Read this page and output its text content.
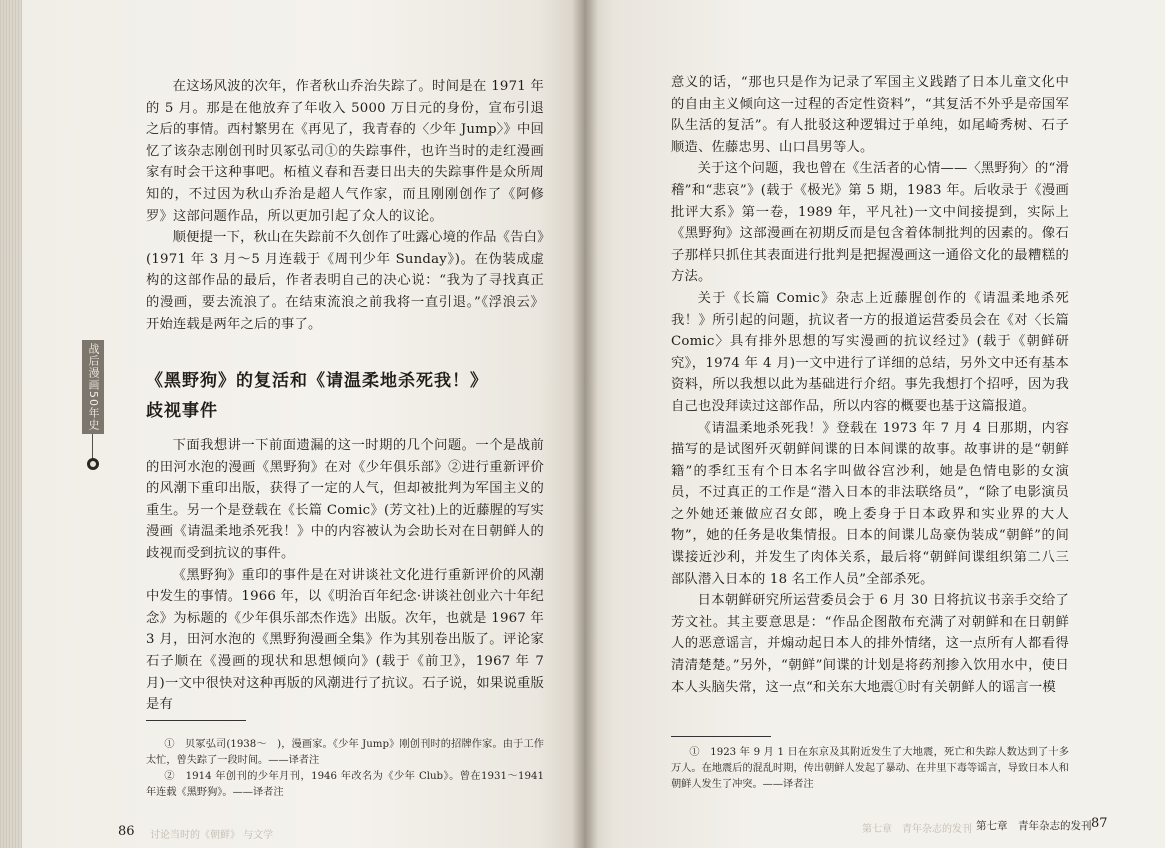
在这场风波的次年，作者秋山乔治失踪了。时间是在 1971 年的 5 月。那是在他放弃了年收入 5000 万日元的身份，宣布引退之后的事情。西村繁男在《再见了，我青春的〈少年 Jump〉》中回忆了该杂志刚创刊时贝冢弘司①的失踪事件，也许当时的走红漫画家有时会干这种事吧。柘植义春和吾妻日出夫的失踪事件是众所周知的，不过因为秋山乔治是超人气作家，而且刚刚创作了《阿修罗》这部问题作品，所以更加引起了众人的议论。

顺便提一下，秋山在失踪前不久创作了吐露心境的作品《告白》(1971 年 3 月～5 月连载于《周刊少年 Sunday》)。在伪装成虚构的这部作品的最后，作者表明自己的决心说：“我为了寻找真正的漫画，要去流浪了。在结束流浪之前我将一直引退。”《浮浪云》开始连载是两年之后的事了。

《黑野狗》的复活和《请温柔地杀死我！》
歧视事件
战后漫画50年史

下面我想讲一下前面遗漏的这一时期的几个问题。一个是战前的田河水泡的漫画《黑野狗》在对《少年俱乐部》②进行重新评价的风潮下重印出版，获得了一定的人气，但却被批判为军国主义的重生。另一个是登载在《长篇 Comic》(芳文社)上的近藤腥的写实漫画《请温柔地杀死我！》中的内容被认为会助长对在日朝鲜人的歧视而受到抗议的事件。

《黑野狗》重印的事件是在对讲谈社文化进行重新评价的风潮中发生的事情。1966 年，以《明治百年纪念·讲谈社创业六十年纪念》为标题的《少年俱乐部杰作选》出版。次年，也就是 1967 年 3 月，田河水泡的《黑野狗漫画全集》作为其别卷出版了。评论家石子顺在《漫画的现状和思想倾向》(载于《前卫》，1967 年 7 月)一文中很快对这种再版的风潮进行了抗议。石子说，如果说重版是有

①　贝冢弘司(1938～　)，漫画家。《少年 Jump》刚创刊时的招牌作家。由于工作太忙，曾失踪了一段时间。——译者注

②　1914 年创刊的少年月刊，1946 年改名为《少年 Club》。曾在1931～1941 年连载《黑野狗》。——译者注

86 讨论当时的《朝鲜》 与文学

意义的话，“那也只是作为记录了军国主义践踏了日本儿童文化中的自由主义倾向这一过程的否定性资料”，“其复活不外乎是帝国军队生活的复活”。有人批驳这种逻辑过于单纯，如尾崎秀树、石子顺造、佐藤忠男、山口昌男等人。

关于这个问题，我也曾在《生活者的心情——〈黑野狗〉的“滑稽”和“悲哀”》(载于《极光》第 5 期，1983 年。后收录于《漫画批评大系》第一卷，1989 年，平凡社)一文中间接提到，实际上《黑野狗》这部漫画在初期反而是包含着体制批判的因素的。像石子那样只抓住其表面进行批判是把握漫画这一通俗文化的最糟糕的方法。

关于《长篇 Comic》杂志上近藤腥创作的《请温柔地杀死我！》所引起的问题，抗议者一方的报道运营委员会在《对〈长篇 Comic〉具有排外思想的写实漫画的抗议经过》(载于《朝鲜研究》，1974 年 4 月)一文中进行了详细的总结，另外文中还有基本资料，所以我想以此为基础进行介绍。事先我想打个招呼，因为我自己也没拜读过这部作品，所以内容的概要也基于这篇报道。

《请温柔地杀死我！》登载在 1973 年 7 月 4 日那期，内容描写的是试图歼灭朝鲜间谍的日本间谍的故事。故事讲的是“朝鲜籍”的季红玉有个日本名字叫做谷宫沙利，她是色情电影的女演员，不过真正的工作是“潜入日本的非法联络员”，“除了电影演员之外她还兼做应召女郎，晚上委身于日本政界和实业界的大人物”，她的任务是收集情报。日本的间谍儿岛豪伪装成“朝鲜”的间谍接近沙利，并发生了肉体关系，最后将“朝鲜间谍组织第二八三部队潜入日本的 18 名工作人员”全部杀死。

日本朝鲜研究所运营委员会于 6 月 30 日将抗议书亲手交给了芳文社。其主要意思是：“作品企图散布充满了对朝鲜和在日朝鲜人的恶意谣言，并煽动起日本人的排外情绪，这一点所有人都看得清清楚楚。”另外，“朝鲜”间谍的计划是将药剂掺入饮用水中，使日本人头脑失常，这一点“和关东大地震①时有关朝鲜人的谣言一模

①　1923 年 9 月 1 日在东京及其附近发生了大地震，死亡和失踪人数达到了十多万人。在地震后的混乱时期，传出朝鲜人发起了暴动、在井里下毒等谣言，导致日本人和朝鲜人发生了冲突。——译者注

第七章　青年杂志的发刊 第七章　青年杂志的发刊 87
